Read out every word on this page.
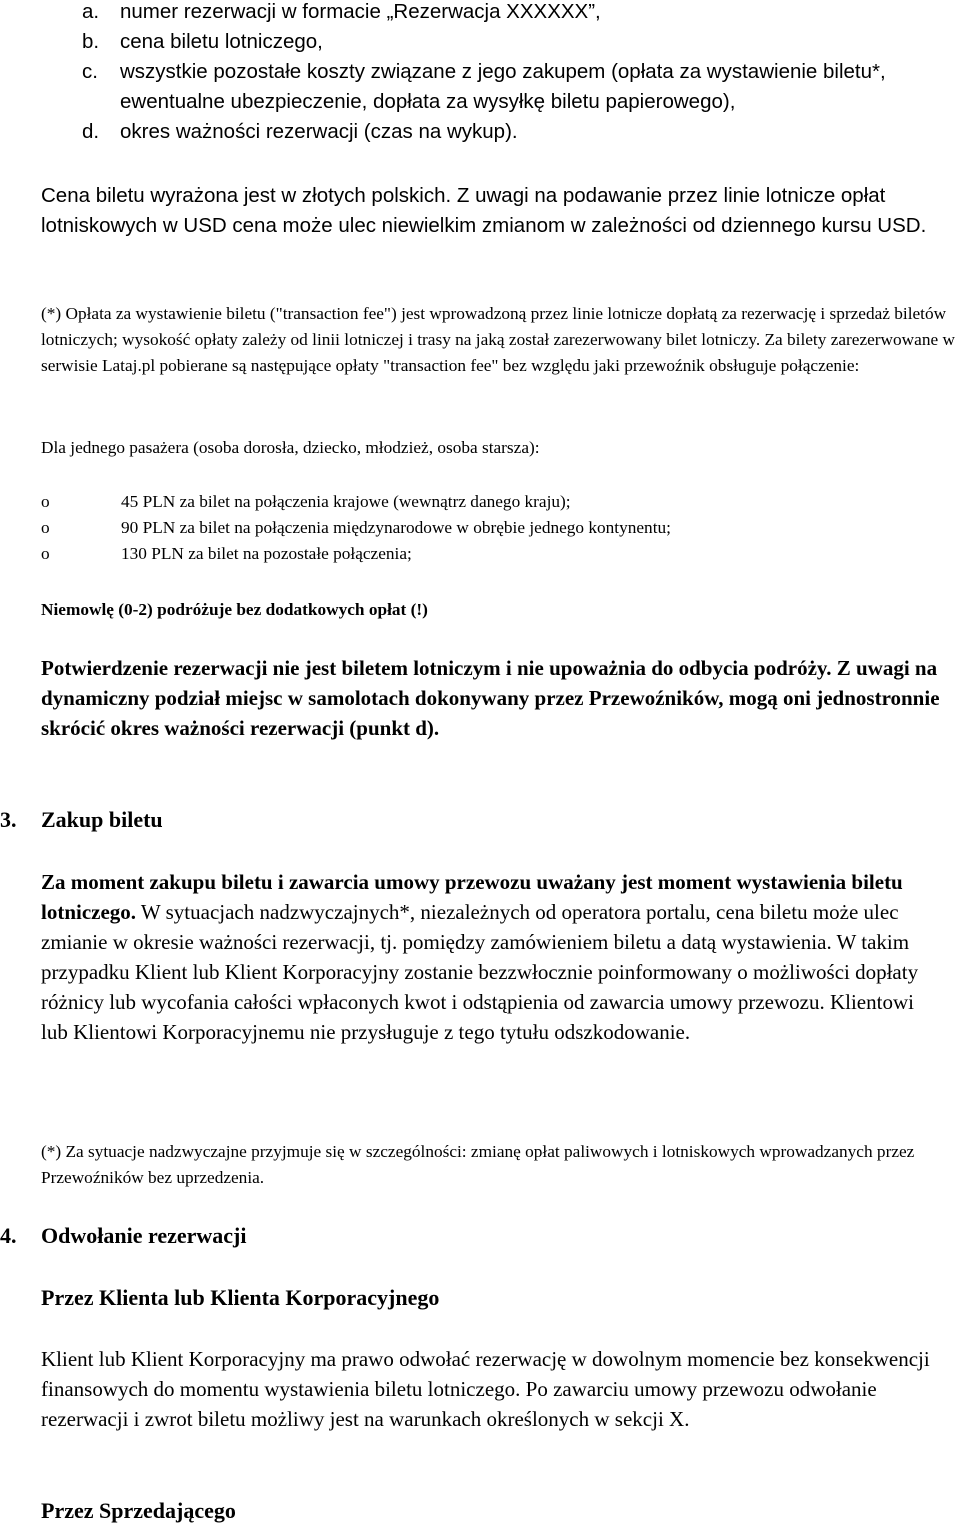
a. numer rezerwacji w formacie „Rezerwacja XXXXXX”,
b. cena biletu lotniczego,
c. wszystkie pozostałe koszty związane z jego zakupem (opłata za wystawienie biletu*, ewentualne ubezpieczenie, dopłata za wysyłkę biletu papierowego),
d. okres ważności rezerwacji (czas na wykup).

Cena biletu wyrażona jest w złotych polskich. Z uwagi na podawanie przez linie lotnicze opłat lotniskowych w USD cena może ulec niewielkim zmianom w zależności od dziennego kursu USD.

(*) Opłata za wystawienie biletu ("transaction fee") jest wprowadzoną przez linie lotnicze dopłatą za rezerwację i sprzedaż biletów lotniczych; wysokość opłaty zależy od linii lotniczej i trasy na jaką został zarezerwowany bilet lotniczy. Za bilety zarezerwowane w serwisie Lataj.pl pobierane są następujące opłaty "transaction fee" bez względu jaki przewoźnik obsługuje połączenie:

Dla jednego pasażera (osoba dorosła, dziecko, młodzież, osoba starsza):

o	45 PLN za bilet na połączenia krajowe (wewnątrz danego kraju);
o	90 PLN za bilet na połączenia międzynarodowe w obrębie jednego kontynentu;
o	130 PLN za bilet na pozostałe połączenia;

Niemowlę (0-2) podróżuje bez dodatkowych opłat (!)

Potwierdzenie rezerwacji nie jest biletem lotniczym i nie upoważnia do odbycia podróży. Z uwagi na dynamiczny podział miejsc w samolotach dokonywany przez Przewoźników, mogą oni jednostronnie skrócić okres ważności rezerwacji (punkt d).

3. Zakup biletu

Za moment zakupu biletu i zawarcia umowy przewozu uważany jest moment wystawienia biletu lotniczego. W sytuacjach nadzwyczajnych*, niezależnych od operatora portalu, cena biletu może ulec zmianie w okresie ważności rezerwacji, tj. pomiędzy zamówieniem biletu a datą wystawienia. W takim przypadku Klient lub Klient Korporacyjny zostanie bezzwłocznie poinformowany o możliwości dopłaty różnicy lub wycofania całości wpłaconych kwot i odstąpienia od zawarcia umowy przewozu. Klientowi lub Klientowi Korporacyjnemu nie przysługuje z tego tytułu odszkodowanie.

(*) Za sytuacje nadzwyczajne przyjmuje się w szczególności: zmianę opłat paliwowych i lotniskowych wprowadzanych przez Przewoźników bez uprzedzenia.

4. Odwołanie rezerwacji

Przez Klienta lub Klienta Korporacyjnego

Klient lub Klient Korporacyjny ma prawo odwołać rezerwację w dowolnym momencie bez konsekwencji finansowych do momentu wystawienia biletu lotniczego. Po zawarciu umowy przewozu odwołanie rezerwacji i zwrot biletu możliwy jest na warunkach określonych w sekcji X.

Przez Sprzedającego
